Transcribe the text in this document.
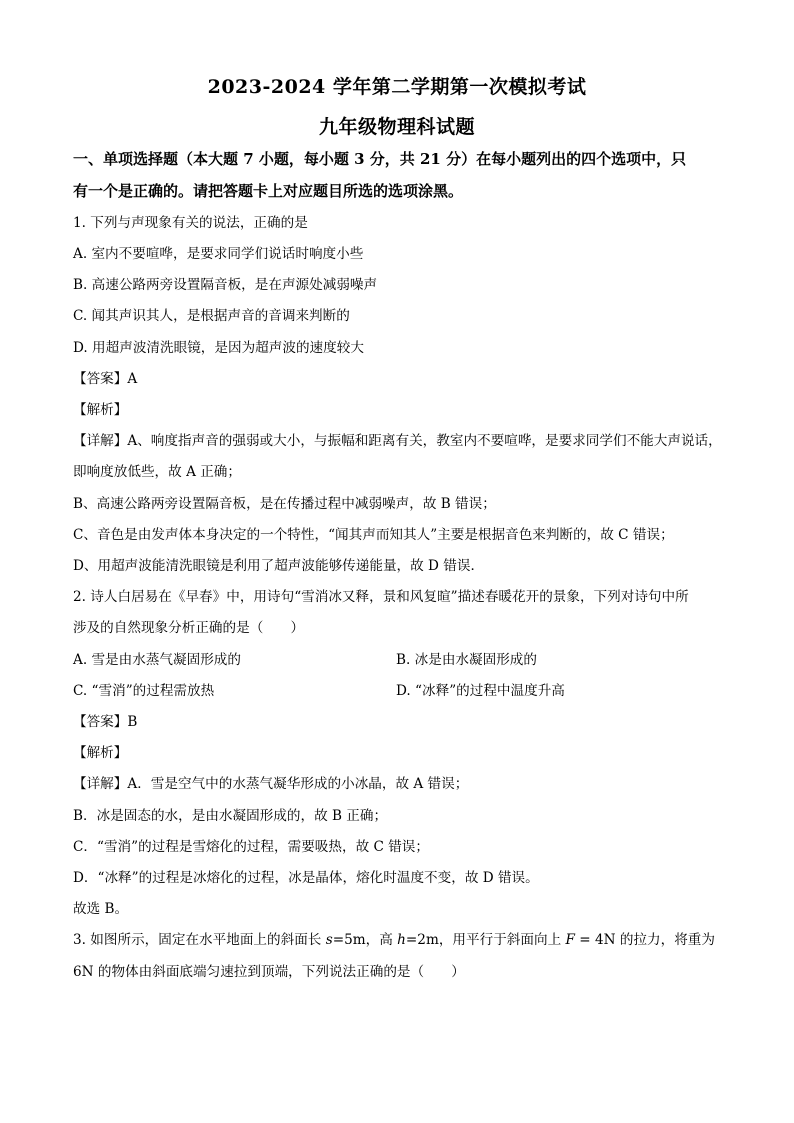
2023-2024 学年第二学期第一次模拟考试
九年级物理科试题
一、单项选择题（本大题 7 小题，每小题 3 分，共 21 分）在每小题列出的四个选项中，只
有一个是正确的。请把答题卡上对应题目所选的选项涂黑。
1. 下列与声现象有关的说法，正确的是
A. 室内不要喧哗，是要求同学们说话时响度小些
B. 高速公路两旁设置隔音板，是在声源处减弱噪声
C. 闻其声识其人，是根据声音的音调来判断的
D. 用超声波清洗眼镜，是因为超声波的速度较大
【答案】A
【解析】
【详解】A、响度指声音的强弱或大小，与振幅和距离有关，教室内不要喧哗，是要求同学们不能大声说话，
即响度放低些，故 A 正确；
B、高速公路两旁设置隔音板，是在传播过程中减弱噪声，故 B 错误；
C、音色是由发声体本身决定的一个特性，“闻其声而知其人”主要是根据音色来判断的，故 C 错误；
D、用超声波能清洗眼镜是利用了超声波能够传递能量，故 D 错误．
2. 诗人白居易在《早春》中，用诗句“雪消冰又释，景和风复暄”描述春暖花开的景象，下列对诗句中所
涉及的自然现象分析正确的是（　　）
A. 雪是由水蒸气凝固形成的	B. 冰是由水凝固形成的
C. “雪消”的过程需放热	D. “冰释”的过程中温度升高
【答案】B
【解析】
【详解】A．雪是空气中的水蒸气凝华形成的小冰晶，故 A 错误；
B．冰是固态的水，是由水凝固形成的，故 B 正确；
C．“雪消”的过程是雪熔化的过程，需要吸热，故 C 错误；
D．“冰释”的过程是冰熔化的过程，冰是晶体，熔化时温度不变，故 D 错误。
故选 B。
3. 如图所示，固定在水平地面上的斜面长 s=5m，高 h=2m，用平行于斜面向上 F = 4N 的拉力，将重为
6N 的物体由斜面底端匀速拉到顶端，下列说法正确的是（　　）
